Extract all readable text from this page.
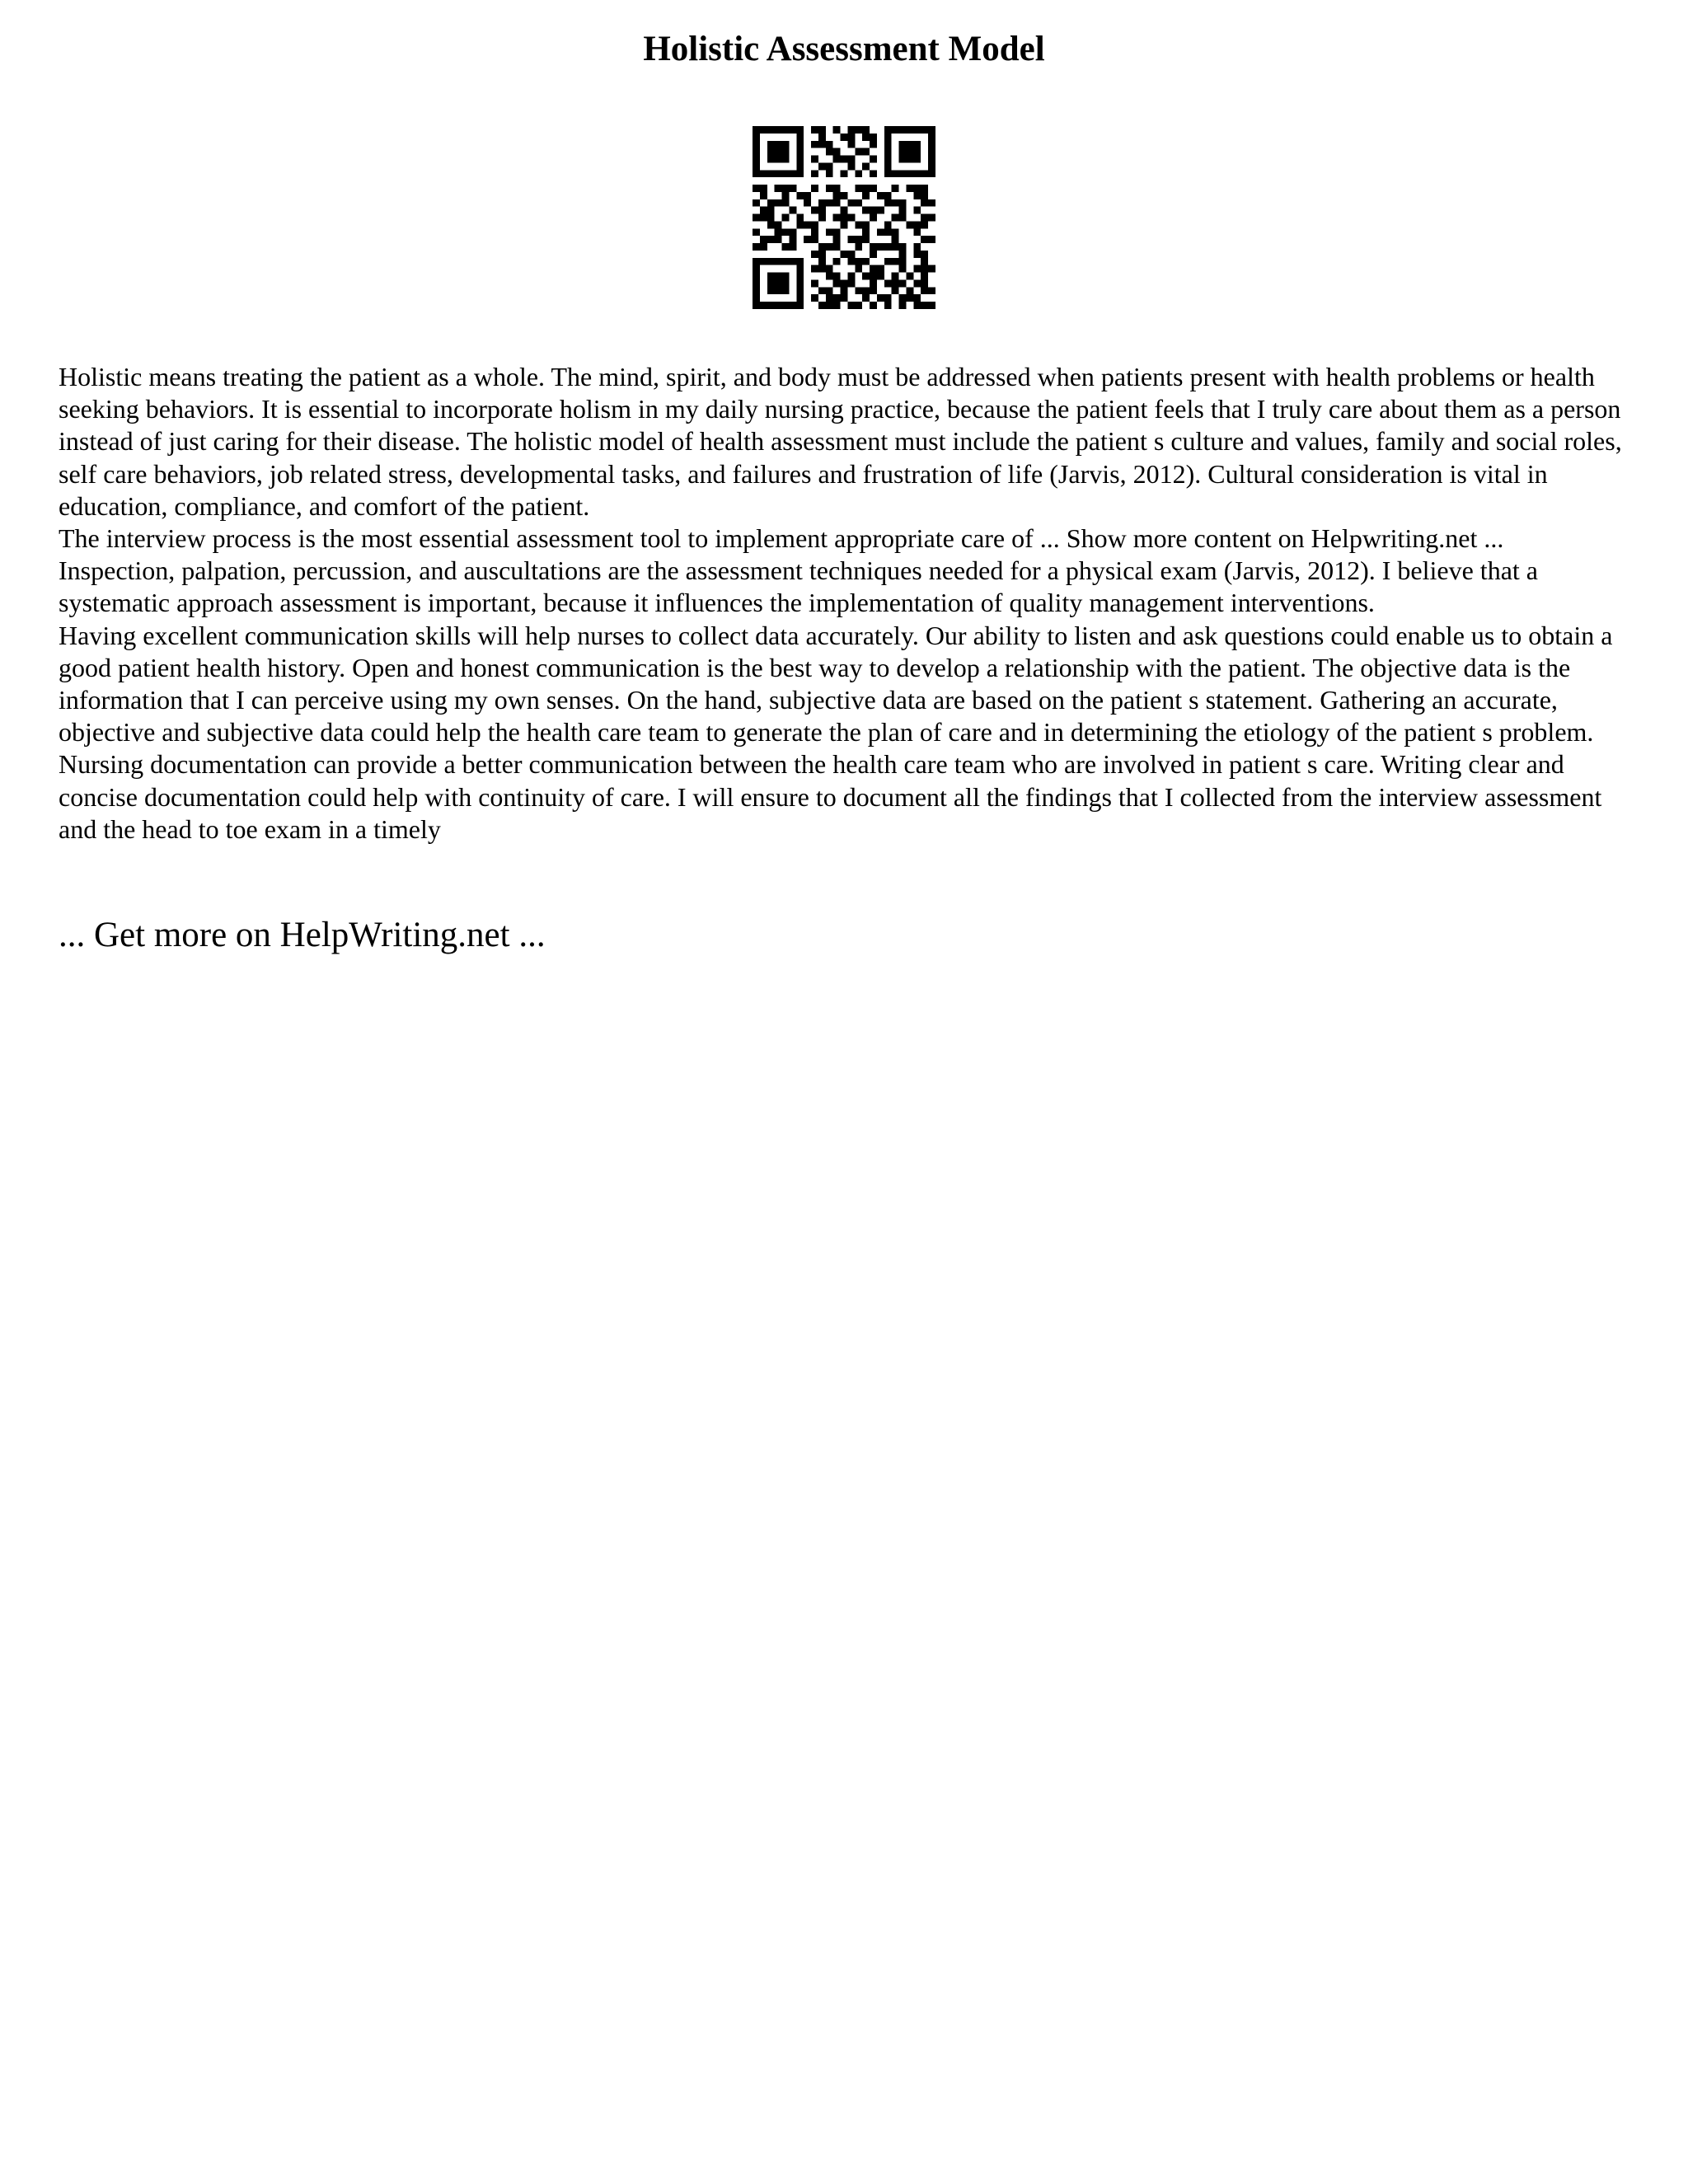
Holistic Assessment Model

Holistic means treating the patient as a whole. The mind, spirit, and body must be addressed when patients present with health problems or health seeking behaviors. It is essential to incorporate holism in my daily nursing practice, because the patient feels that I truly care about them as a person instead of just caring for their disease. The holistic model of health assessment must include the patient s culture and values, family and social roles, self care behaviors, job related stress, developmental tasks, and failures and frustration of life (Jarvis, 2012). Cultural consideration is vital in education, compliance, and comfort of the patient.

The interview process is the most essential assessment tool to implement appropriate care of ... Show more content on Helpwriting.net ...

Inspection, palpation, percussion, and auscultations are the assessment techniques needed for a physical exam (Jarvis, 2012). I believe that a systematic approach assessment is important, because it influences the implementation of quality management interventions.

Having excellent communication skills will help nurses to collect data accurately. Our ability to listen and ask questions could enable us to obtain a good patient health history. Open and honest communication is the best way to develop a relationship with the patient. The objective data is the information that I can perceive using my own senses. On the hand, subjective data are based on the patient s statement. Gathering an accurate, objective and subjective data could help the health care team to generate the plan of care and in determining the etiology of the patient s problem.

Nursing documentation can provide a better communication between the health care team who are involved in patient s care. Writing clear and concise documentation could help with continuity of care. I will ensure to document all the findings that I collected from the interview assessment and the head to toe exam in a timely

... Get more on HelpWriting.net ...
